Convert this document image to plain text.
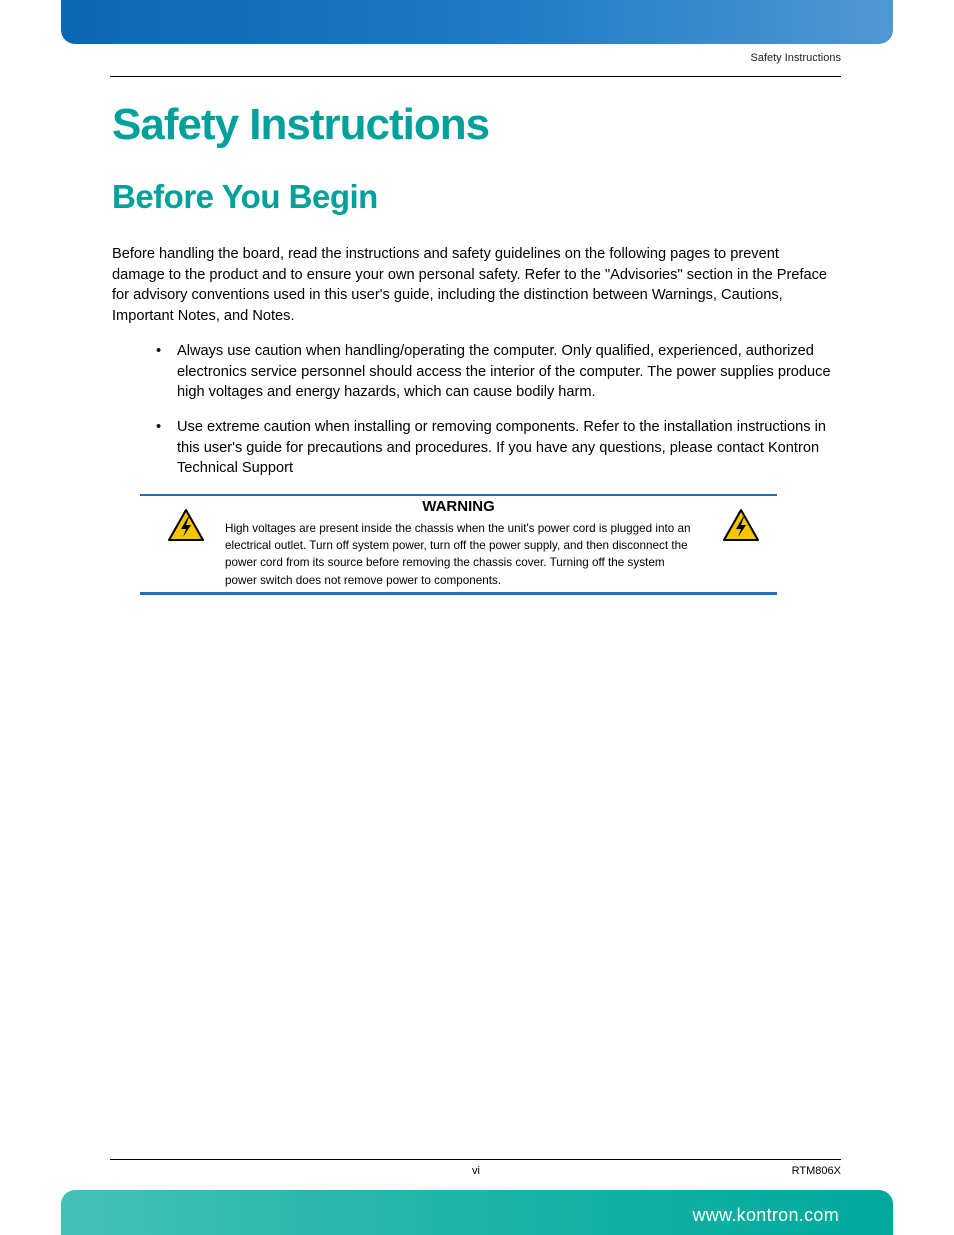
Safety Instructions
Safety Instructions
Before You Begin

Before handling the board, read the instructions and safety guidelines on the following pages to prevent damage to the product and to ensure your own personal safety. Refer to the "Advisories" section in the Preface for advisory conventions used in this user's guide, including the distinction between Warnings, Cautions, Important Notes, and Notes.

• Always use caution when handling/operating the computer. Only qualified, experienced, authorized electronics service personnel should access the interior of the computer. The power supplies produce high voltages and energy hazards, which can cause bodily harm.
• Use extreme caution when installing or removing components. Refer to the installation instructions in this user's guide for precautions and procedures. If you have any questions, please contact Kontron Technical Support
WARNING

High voltages are present inside the chassis when the unit's power cord is plugged into an electrical outlet. Turn off system power, turn off the power supply, and then disconnect the power cord from its source before removing the chassis cover. Turning off the system power switch does not remove power to components.

vi	RTM806X
www.kontron.com
